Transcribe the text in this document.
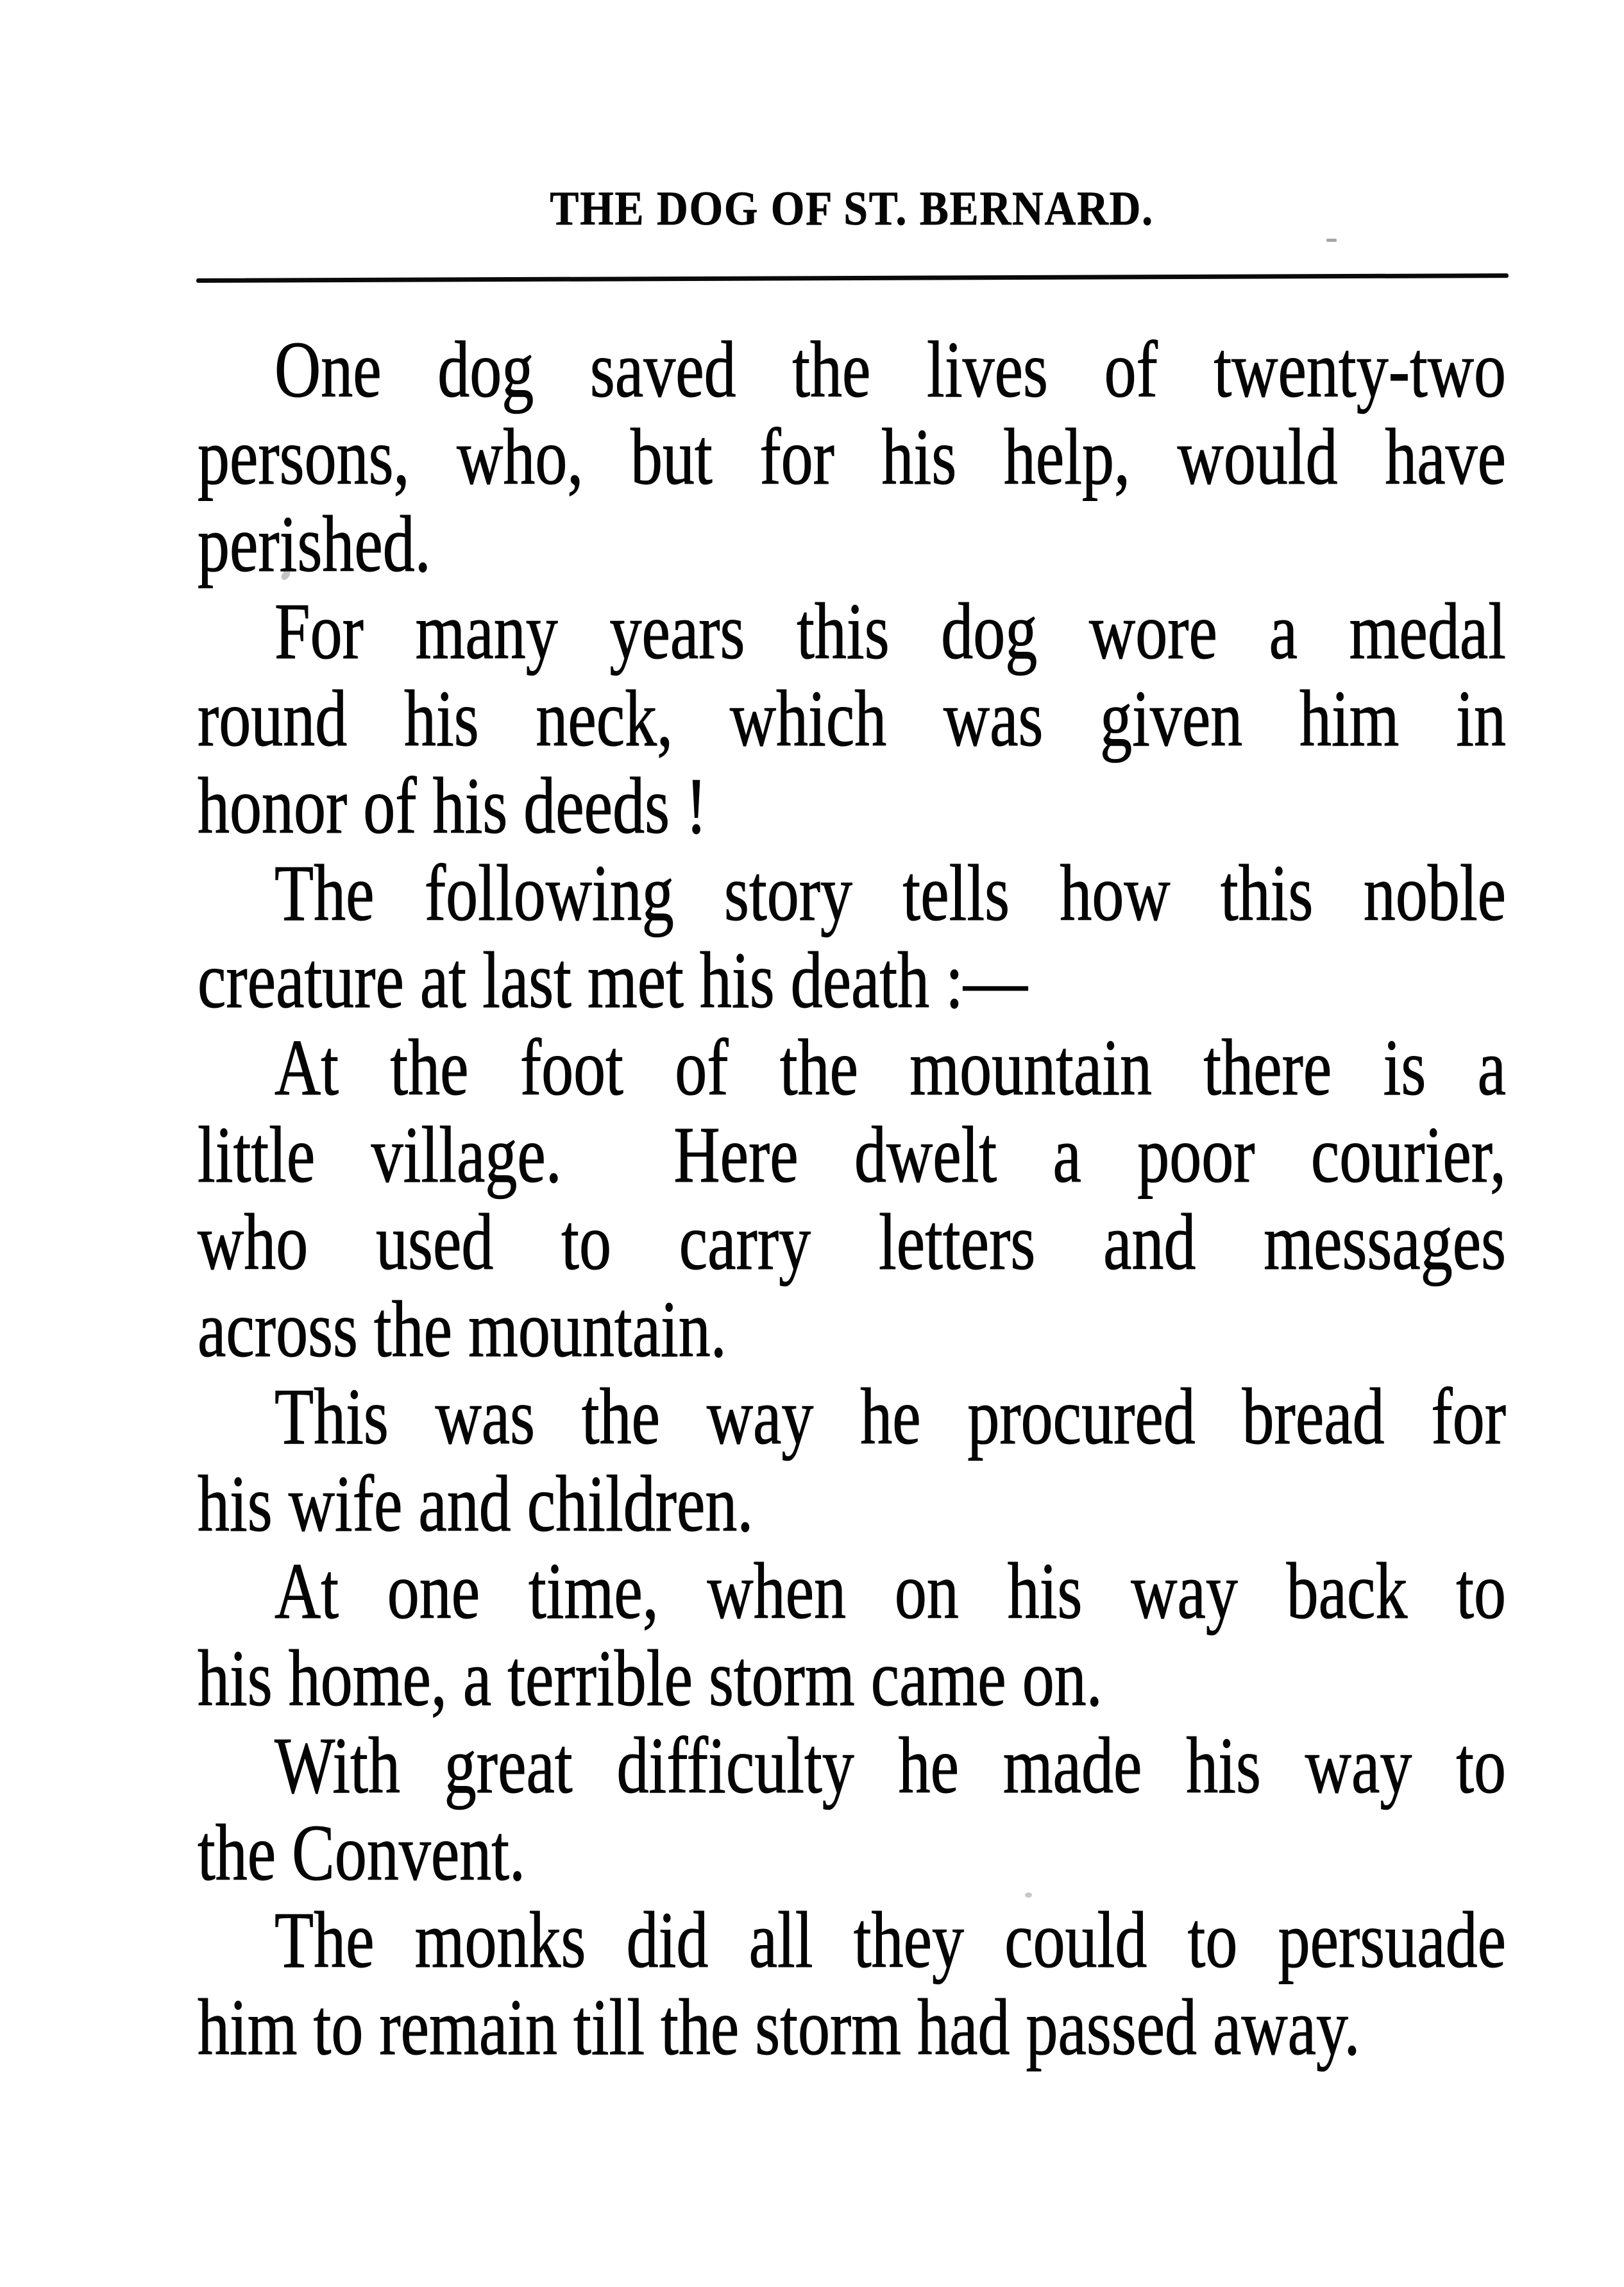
THE DOG OF ST. BERNARD.
One dog saved the lives of twenty-two
persons, who, but for his help, would have
perished.
For many years this dog wore a medal
round his neck, which was given him in
honor of his deeds !
The following story tells how this noble
creature at last met his death :—
At the foot of the mountain there is a
little village.  Here dwelt a poor courier,
who used to carry letters and messages
across the mountain.
This was the way he procured bread for
his wife and children.
At one time, when on his way back to
his home, a terrible storm came on.
With great difficulty he made his way to
the Convent.
The monks did all they could to persuade
him to remain till the storm had passed away.
